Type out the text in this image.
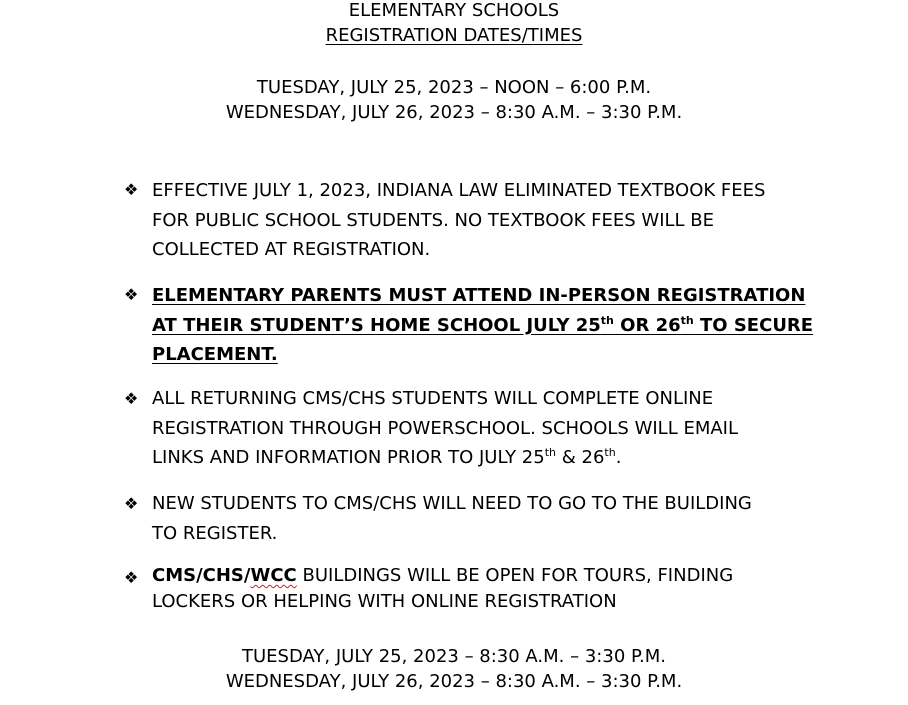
ELEMENTARY SCHOOLS
REGISTRATION DATES/TIMES
TUESDAY, JULY 25, 2023 – NOON – 6:00 P.M.
WEDNESDAY, JULY 26, 2023 – 8:30 A.M. – 3:30 P.M.
❖ EFFECTIVE JULY 1, 2023, INDIANA LAW ELIMINATED TEXTBOOK FEES
FOR PUBLIC SCHOOL STUDENTS. NO TEXTBOOK FEES WILL BE
COLLECTED AT REGISTRATION.
❖ ELEMENTARY PARENTS MUST ATTEND IN-PERSON REGISTRATION
AT THEIR STUDENT’S HOME SCHOOL JULY 25th OR 26th TO SECURE
PLACEMENT.
❖ ALL RETURNING CMS/CHS STUDENTS WILL COMPLETE ONLINE
REGISTRATION THROUGH POWERSCHOOL. SCHOOLS WILL EMAIL
LINKS AND INFORMATION PRIOR TO JULY 25th & 26th.
❖ NEW STUDENTS TO CMS/CHS WILL NEED TO GO TO THE BUILDING
TO REGISTER.
❖ CMS/CHS/WCC BUILDINGS WILL BE OPEN FOR TOURS, FINDING
LOCKERS OR HELPING WITH ONLINE REGISTRATION
TUESDAY, JULY 25, 2023 – 8:30 A.M. – 3:30 P.M.
WEDNESDAY, JULY 26, 2023 – 8:30 A.M. – 3:30 P.M.
